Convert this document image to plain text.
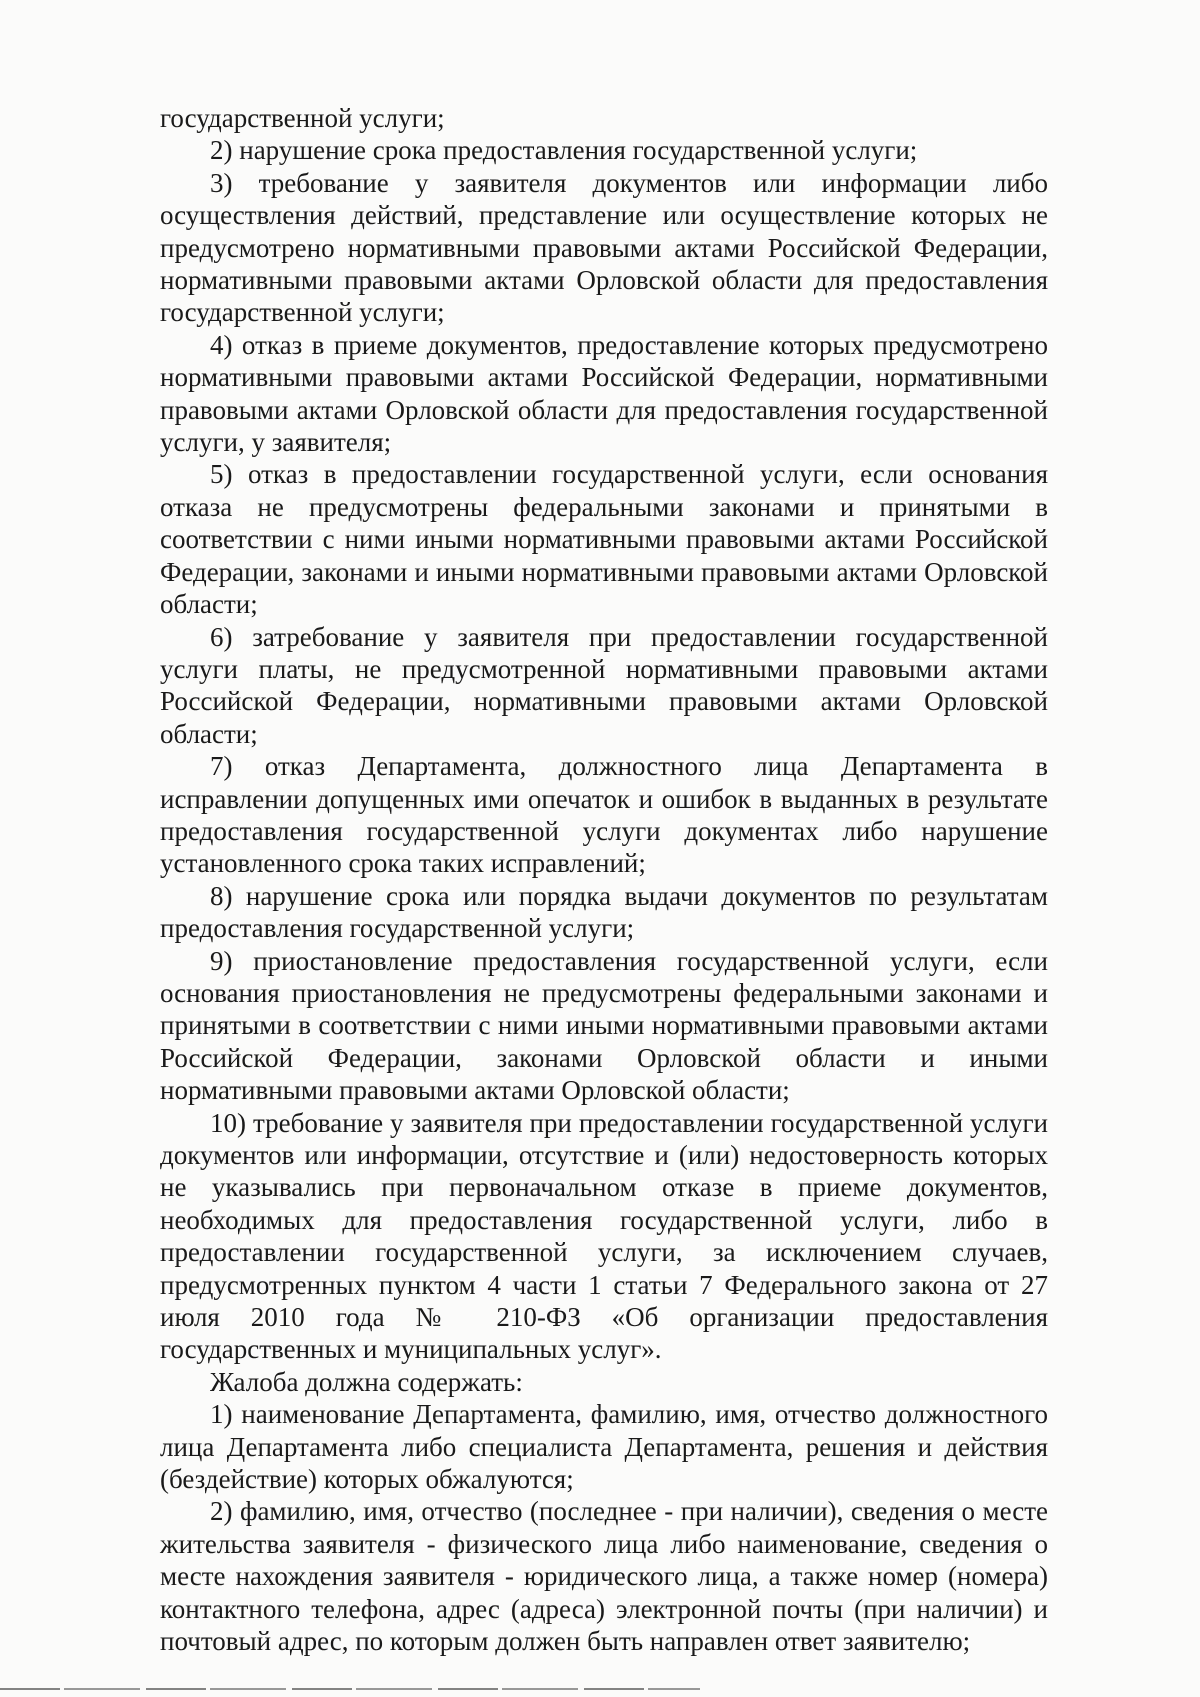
государственной услуги;

2) нарушение срока предоставления государственной услуги;

3) требование у заявителя документов или информации либо осуществления действий, представление или осуществление которых не предусмотрено нормативными правовыми актами Российской Федерации, нормативными правовыми актами Орловской области для предоставления государственной услуги;

4) отказ в приеме документов, предоставление которых предусмотрено нормативными правовыми актами Российской Федерации, нормативными правовыми актами Орловской области для предоставления государственной услуги, у заявителя;

5) отказ в предоставлении государственной услуги, если основания отказа не предусмотрены федеральными законами и принятыми в соответствии с ними иными нормативными правовыми актами Российской Федерации, законами и иными нормативными правовыми актами Орловской области;

6) затребование у заявителя при предоставлении государственной услуги платы, не предусмотренной нормативными правовыми актами Российской Федерации, нормативными правовыми актами Орловской области;

7) отказ Департамента, должностного лица Департамента в исправлении допущенных ими опечаток и ошибок в выданных в результате предоставления государственной услуги документах либо нарушение установленного срока таких исправлений;

8) нарушение срока или порядка выдачи документов по результатам предоставления государственной услуги;

9) приостановление предоставления государственной услуги, если основания приостановления не предусмотрены федеральными законами и принятыми в соответствии с ними иными нормативными правовыми актами Российской Федерации, законами Орловской области и иными нормативными правовыми актами Орловской области;

10) требование у заявителя при предоставлении государственной услуги документов или информации, отсутствие и (или) недостоверность которых не указывались при первоначальном отказе в приеме документов, необходимых для предоставления государственной услуги, либо в предоставлении государственной услуги, за исключением случаев, предусмотренных пунктом 4 части 1 статьи 7 Федерального закона от 27 июля 2010 года № 210-ФЗ «Об организации предоставления государственных и муниципальных услуг».

Жалоба должна содержать:

1) наименование Департамента, фамилию, имя, отчество должностного лица Департамента либо специалиста Департамента, решения и действия (бездействие) которых обжалуются;

2) фамилию, имя, отчество (последнее - при наличии), сведения о месте жительства заявителя - физического лица либо наименование, сведения о месте нахождения заявителя - юридического лица, а также номер (номера) контактного телефона, адрес (адреса) электронной почты (при наличии) и почтовый адрес, по которым должен быть направлен ответ заявителю;
